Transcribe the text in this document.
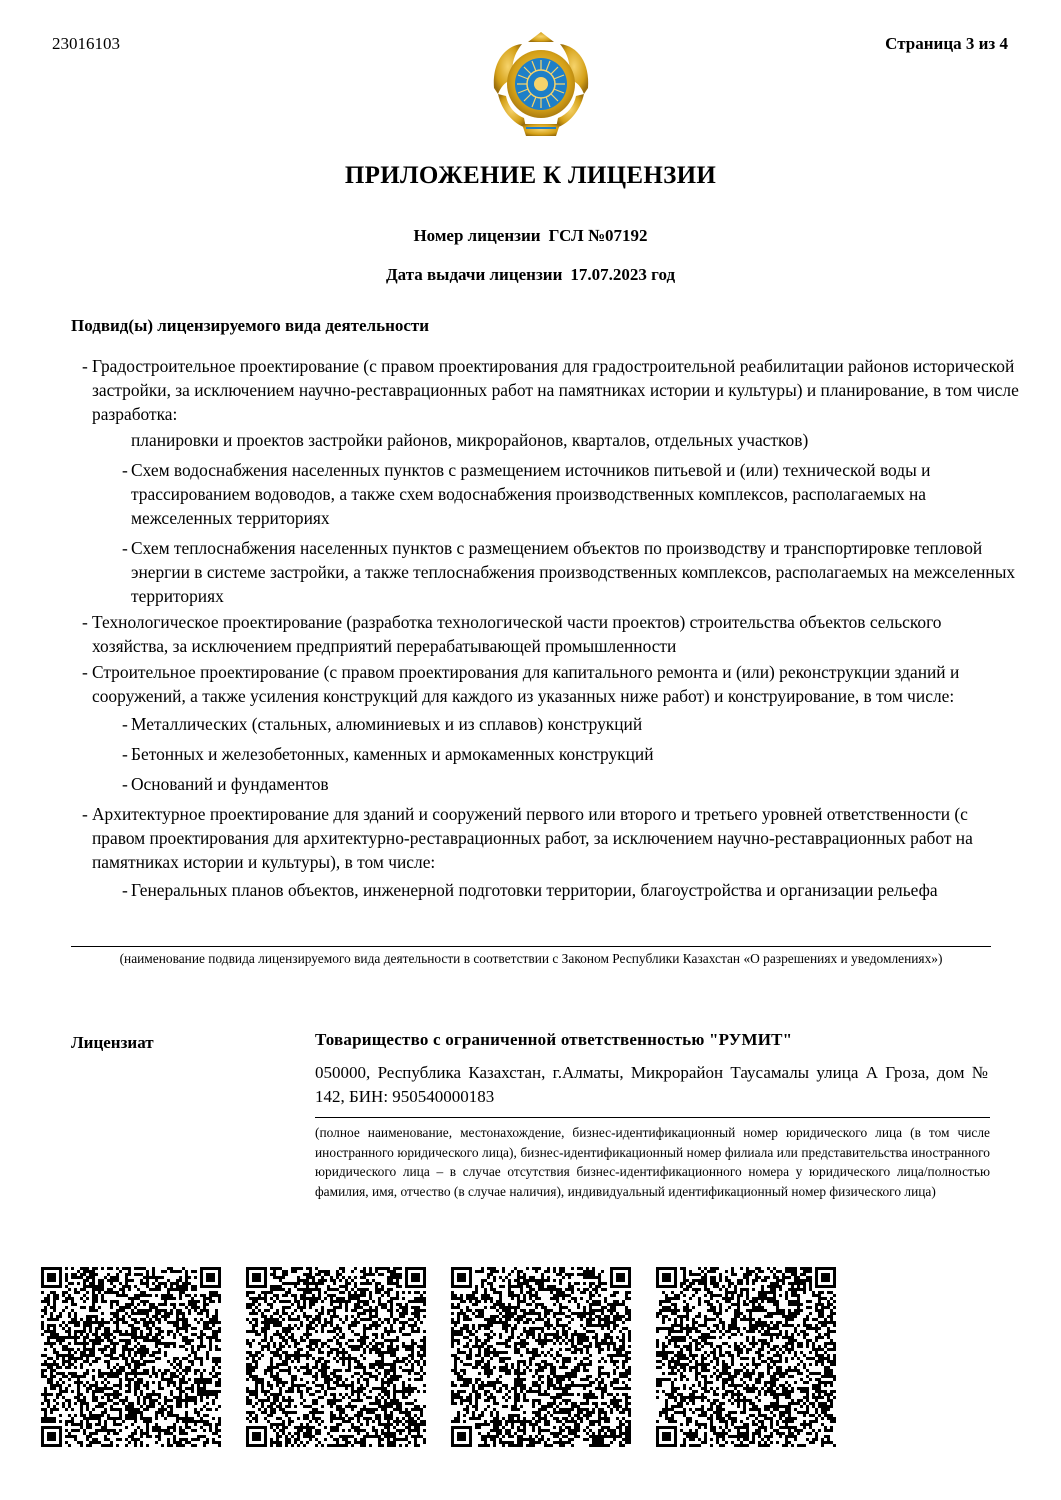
23016103	Страница 3 из 4
ПРИЛОЖЕНИЕ К ЛИЦЕНЗИИ
Номер лицензии ГСЛ №07192
Дата выдачи лицензии 17.07.2023 год
Подвид(ы) лицензируемого вида деятельности
- Градостроительное проектирование (с правом проектирования для градостроительной реабилитации районов исторической застройки, за исключением научно-реставрационных работ на памятниках истории и культуры) и планирование, в том числе разработка:
планировки и проектов застройки районов, микрорайонов, кварталов, отдельных участков)
- Схем водоснабжения населенных пунктов с размещением источников питьевой и (или) технической воды и трассированием водоводов, а также схем водоснабжения производственных комплексов, располагаемых на межселенных территориях
- Схем теплоснабжения населенных пунктов с размещением объектов по производству и транспортировке тепловой энергии в системе застройки, а также теплоснабжения производственных комплексов, располагаемых на межселенных территориях
- Технологическое проектирование (разработка технологической части проектов) строительства объектов сельского хозяйства, за исключением предприятий перерабатывающей промышленности
- Строительное проектирование (с правом проектирования для капитального ремонта и (или) реконструкции зданий и сооружений, а также усиления конструкций для каждого из указанных ниже работ) и конструирование, в том числе:
- Металлических (стальных, алюминиевых и из сплавов) конструкций
- Бетонных и железобетонных, каменных и армокаменных конструкций
- Оснований и фундаментов
- Архитектурное проектирование для зданий и сооружений первого или второго и третьего уровней ответственности (с правом проектирования для архитектурно-реставрационных работ, за исключением научно-реставрационных работ на памятниках истории и культуры), в том числе:
- Генеральных планов объектов, инженерной подготовки территории, благоустройства и организации рельефа
(наименование подвида лицензируемого вида деятельности в соответствии с Законом Республики Казахстан «О разрешениях и уведомлениях»)
Лицензиат	Товарищество с ограниченной ответственностью "РУМИТ"
050000, Республика Казахстан, г.Алматы, Микрорайон Таусамалы улица А Гроза, дом № 142, БИН: 950540000183
(полное наименование, местонахождение, бизнес-идентификационный номер юридического лица (в том числе иностранного юридического лица), бизнес-идентификационный номер филиала или представительства иностранного юридического лица – в случае отсутствия бизнес-идентификационного номера у юридического лица/полностью фамилия, имя, отчество (в случае наличия), индивидуальный идентификационный номер физического лица)
